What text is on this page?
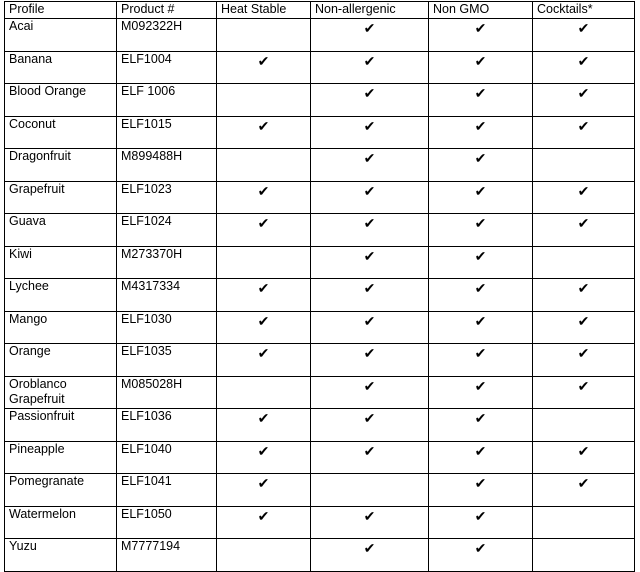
Profile	Product #	Heat Stable	Non-allergenic	Non GMO	Cocktails*
Acai	M092322H		✔	✔	✔
Banana	ELF1004	✔	✔	✔	✔
Blood Orange	ELF 1006		✔	✔	✔
Coconut	ELF1015	✔	✔	✔	✔
Dragonfruit	M899488H		✔	✔	
Grapefruit	ELF1023	✔	✔	✔	✔
Guava	ELF1024	✔	✔	✔	✔
Kiwi	M273370H		✔	✔	
Lychee	M4317334	✔	✔	✔	✔
Mango	ELF1030	✔	✔	✔	✔
Orange	ELF1035	✔	✔	✔	✔
Oroblanco Grapefruit	M085028H		✔	✔	✔
Passionfruit	ELF1036	✔	✔	✔	
Pineapple	ELF1040	✔	✔	✔	✔
Pomegranate	ELF1041	✔		✔	✔
Watermelon	ELF1050	✔	✔	✔	
Yuzu	M7777194		✔	✔	
